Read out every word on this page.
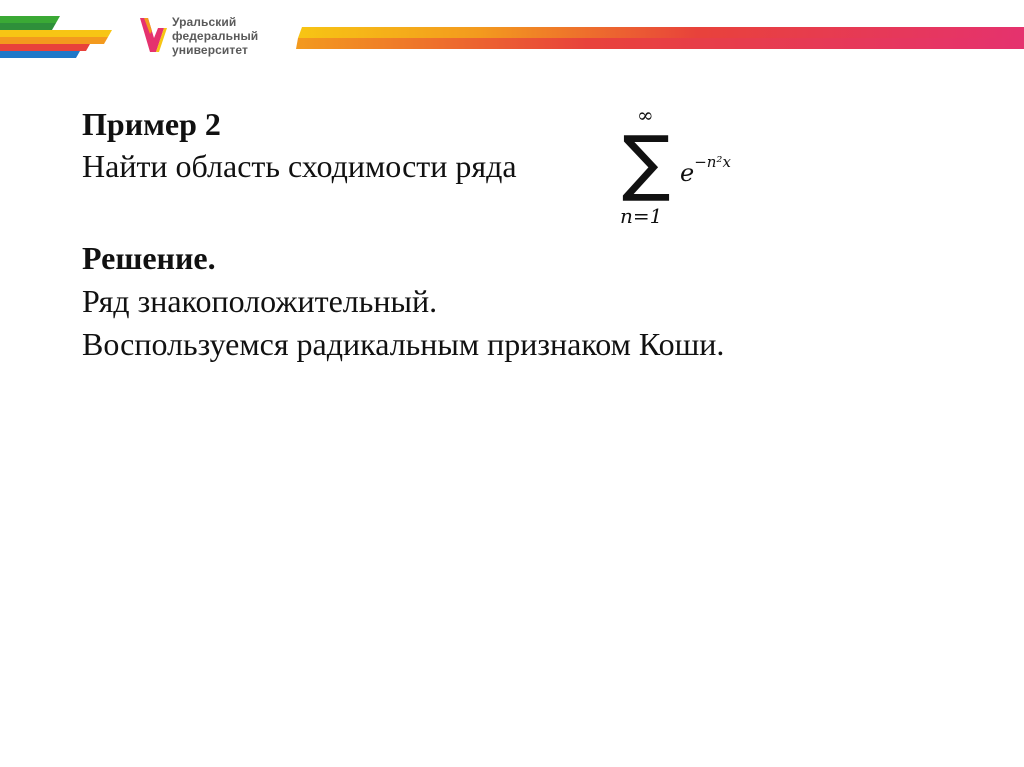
Уральский
федеральный
университет
Пример 2
Найти область сходимости ряда
Решение.
Ряд знакоположительный.
Воспользуемся радикальным признаком Коши.
∞
∑
n=1
$e^{-n^2x}$
